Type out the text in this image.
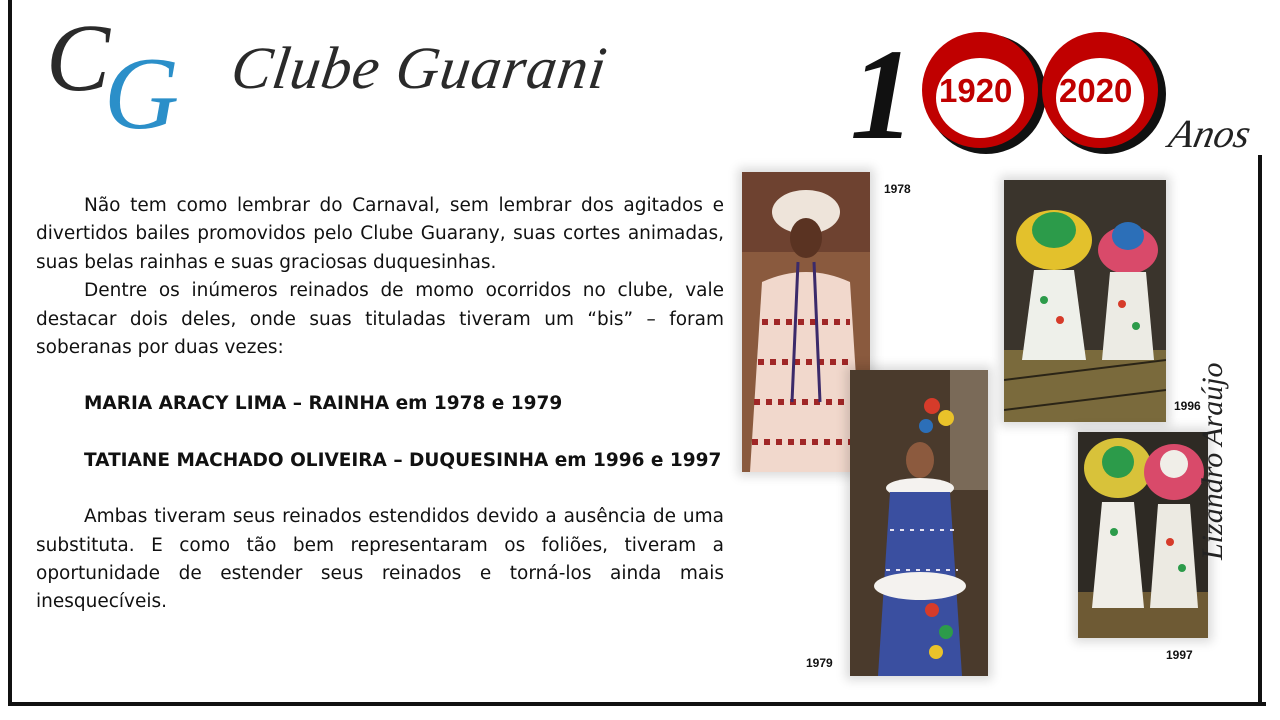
C
G Clube Guarani 1 1920 2020
Anos

Não tem como lembrar do Carnaval, sem lembrar dos agitados e divertidos bailes promovidos pelo Clube Guarany, suas cortes animadas, suas belas rainhas e suas graciosas duquesinhas.

Dentre os inúmeros reinados de momo ocorridos no clube, vale destacar dois deles, onde suas tituladas tiveram um “bis” – foram soberanas por duas vezes:

MARIA ARACY LIMA – RAINHA em 1978 e 1979

TATIANE MACHADO OLIVEIRA – DUQUESINHA em 1996 e 1997

Ambas tiveram seus reinados estendidos devido a ausência de uma substituta. E como tão bem representaram os foliões, tiveram a oportunidade de estender seus reinados e torná-los ainda mais inesquecíveis.

1978
1979
1996
1997
Lizandro Araújo
